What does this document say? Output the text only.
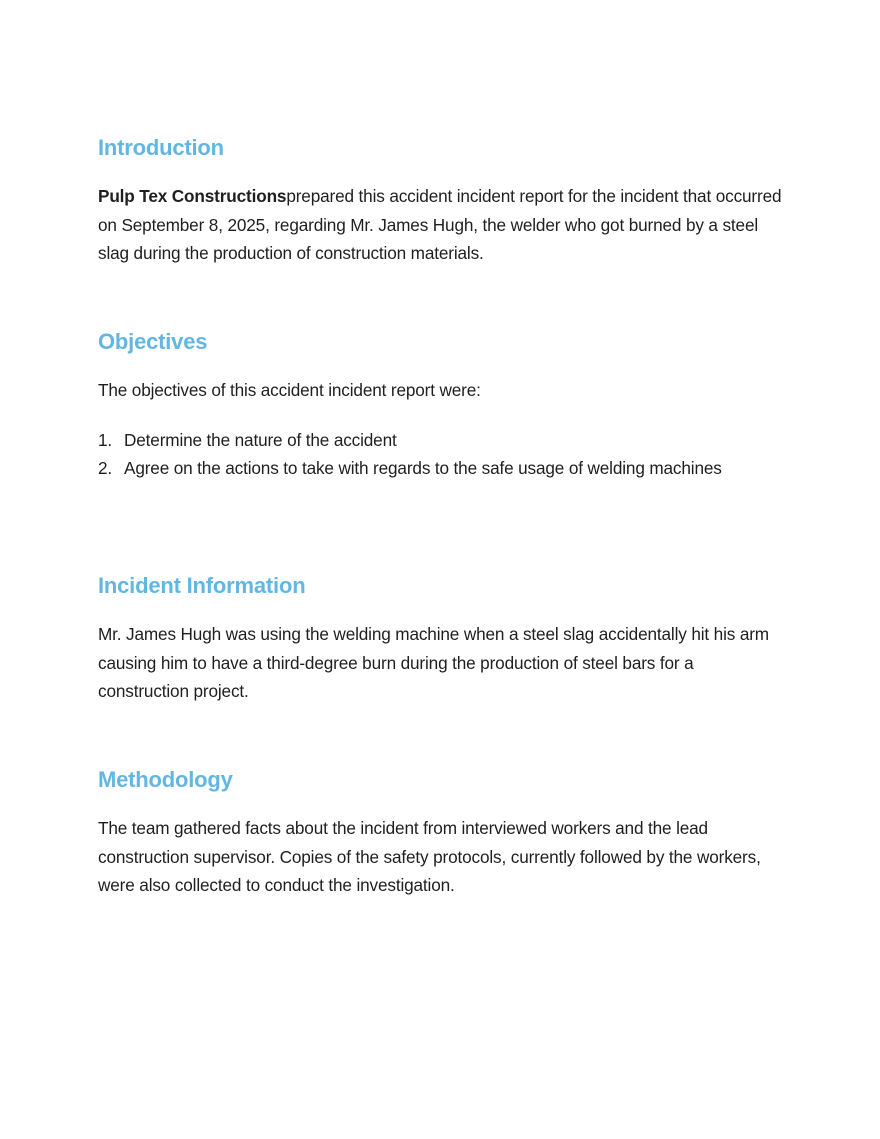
Introduction

Pulp Tex Constructionsprepared this accident incident report for the incident that occurred on September 8, 2025, regarding Mr. James Hugh, the welder who got burned by a steel slag during the production of construction materials.

Objectives

The objectives of this accident incident report were:

1. Determine the nature of the accident
2. Agree on the actions to take with regards to the safe usage of welding machines
Incident Information

Mr. James Hugh was using the welding machine when a steel slag accidentally hit his arm causing him to have a third-degree burn during the production of steel bars for a construction project.

Methodology

The team gathered facts about the incident from interviewed workers and the lead construction supervisor. Copies of the safety protocols, currently followed by the workers, were also collected to conduct the investigation.
